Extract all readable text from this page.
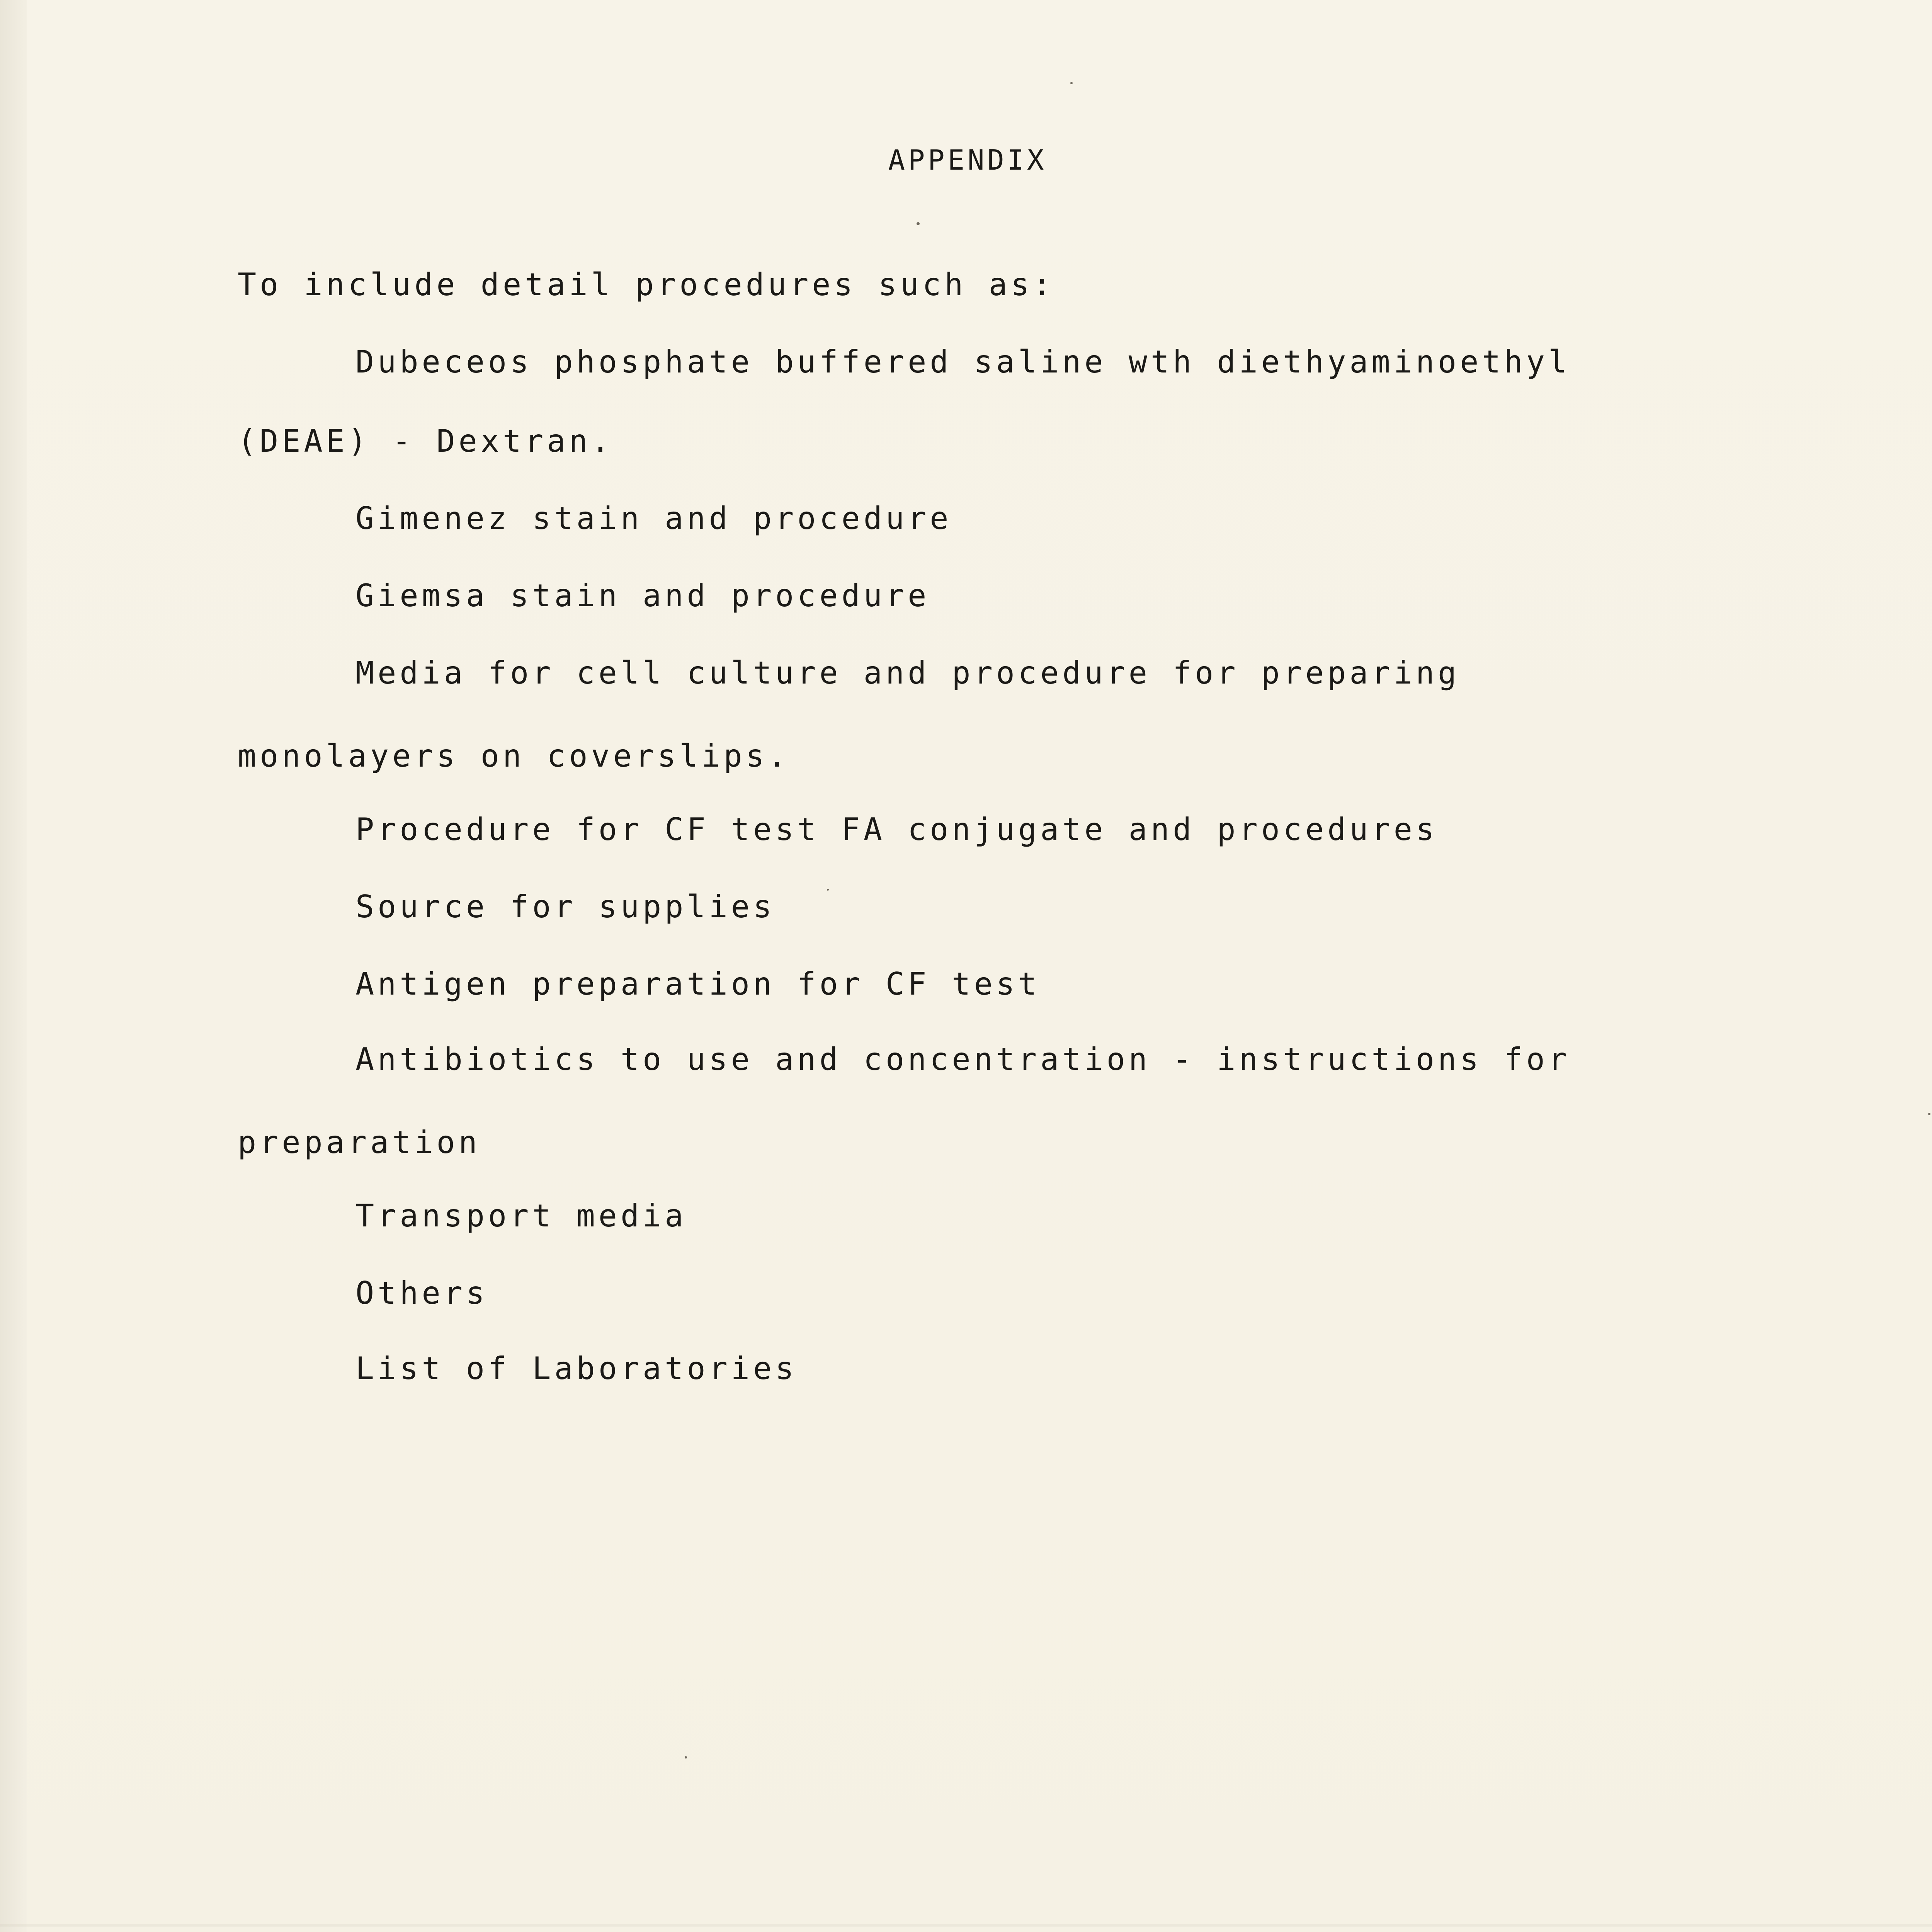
APPENDIX

To include detail procedures such as:

Dubeceos phosphate buffered saline wth diethyaminoethyl

(DEAE) - Dextran.

Gimenez stain and procedure

Giemsa stain and procedure

Media for cell culture and procedure for preparing

monolayers on coverslips.

Procedure for CF test FA conjugate and procedures

Source for supplies

Antigen preparation for CF test

Antibiotics to use and concentration - instructions for

preparation

Transport media

Others

List of Laboratories
